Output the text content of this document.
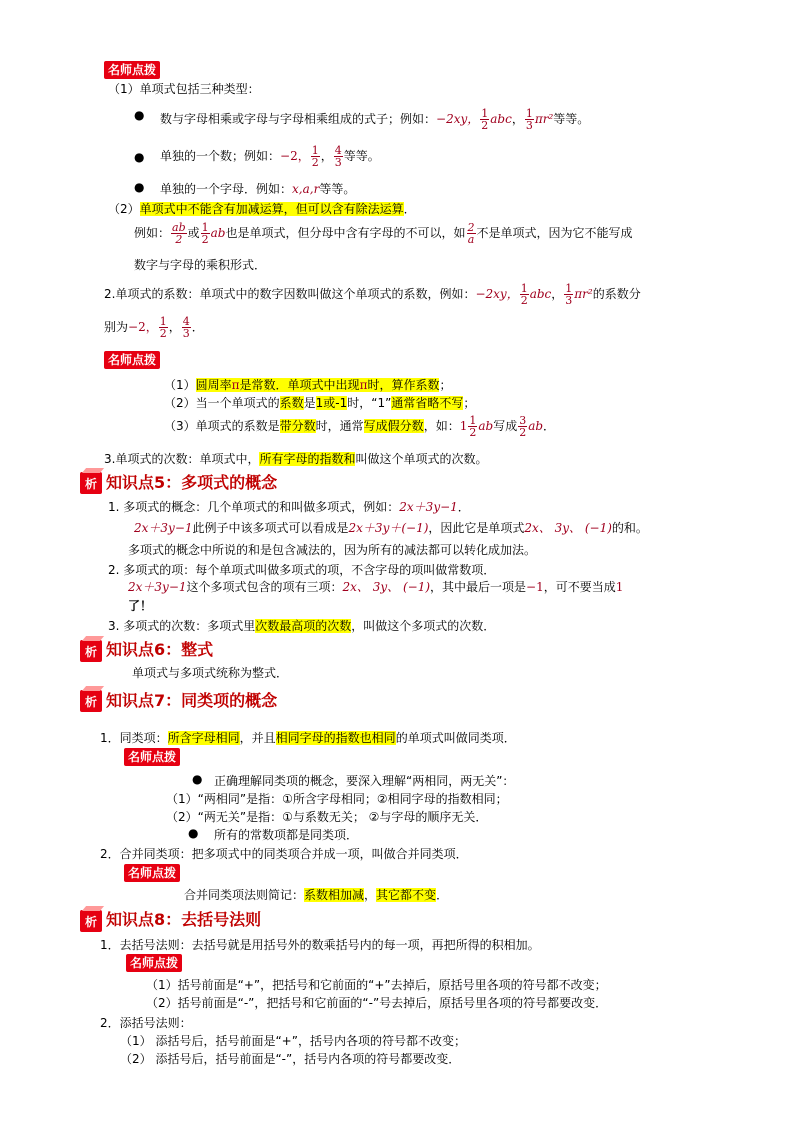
名师点拨
（1）单项式包括三种类型：
● 数与字母相乘或字母与字母相乘组成的式子；例如：−2xy， $\frac{1}{2}$ abc， $\frac{1}{3} \pi r^2$等等。
● 单独的一个数；例如：−2， $\frac{1}{2}$ ， $\frac{4}{3}$ 等等。
● 单独的一个字母．例如：x,a,r等等。
（2）单项式中不能含有加减运算，但可以含有除法运算．
例如： $\frac{ab}{2}$ 或 $\frac{1}{2}$ ab也是单项式，但分母中含有字母的不可以，如 $\frac{2}{a}$ 不是单项式，因为它不能写成
数字与字母的乘积形式．
2.单项式的系数：单项式中的数字因数叫做这个单项式的系数，例如：−2xy， $\frac{1}{2}$ abc， $\frac{1}{3} \pi r^2$的系数分
别为−2， $\frac{1}{2}$ ， $\frac{4}{3}$ ．
名师点拨
（1）圆周率π是常数．单项式中出现π时，算作系数；
（2）当一个单项式的系数是1或-1时，“1”通常省略不写；
（3）单项式的系数是带分数时，通常写成假分数，如：$1 \frac{1}{2}$ ab写成 $\frac{3}{2}$ ab．
3.单项式的次数：单项式中，所有字母的指数和叫做这个单项式的次数。
析 知识点5：多项式的概念
1. 多项式的概念：几个单项式的和叫做多项式，例如：2x＋3y−1．
2x＋3y−1此例子中该多项式可以看成是2x＋3y＋(−1)，因此它是单项式2x、 3y、 (−1)的和。
多项式的概念中所说的和是包含减法的，因为所有的减法都可以转化成加法。
2. 多项式的项：每个单项式叫做多项式的项，不含字母的项叫做常数项．
2x＋3y−1这个多项式包含的项有三项：2x、 3y、 (−1)，其中最后一项是−1，可不要当成1
了！
3. 多项式的次数：多项式里次数最高项的次数，叫做这个多项式的次数．
析 知识点6：整式
单项式与多项式统称为整式．
析 知识点7：同类项的概念
1．同类项：所含字母相同，并且相同字母的指数也相同的单项式叫做同类项．
名师点拨
● 正确理解同类项的概念，要深入理解“两相同，两无关”：
（1）“两相同”是指：①所含字母相同；②相同字母的指数相同；
（2）“两无关”是指：①与系数无关； ②与字母的顺序无关．
● 所有的常数项都是同类项．
2．合并同类项：把多项式中的同类项合并成一项，叫做合并同类项．
名师点拨
合并同类项法则简记：系数相加减，其它都不变．
析 知识点8：去括号法则
1．去括号法则：去括号就是用括号外的数乘括号内的每一项，再把所得的积相加。
名师点拨
（1）括号前面是“+”，把括号和它前面的“+”去掉后，原括号里各项的符号都不改变；
（2）括号前面是“-”，把括号和它前面的“-”号去掉后，原括号里各项的符号都要改变．
2．添括号法则：
（1） 添括号后，括号前面是“+”，括号内各项的符号都不改变；
（2） 添括号后，括号前面是“-”，括号内各项的符号都要改变．
